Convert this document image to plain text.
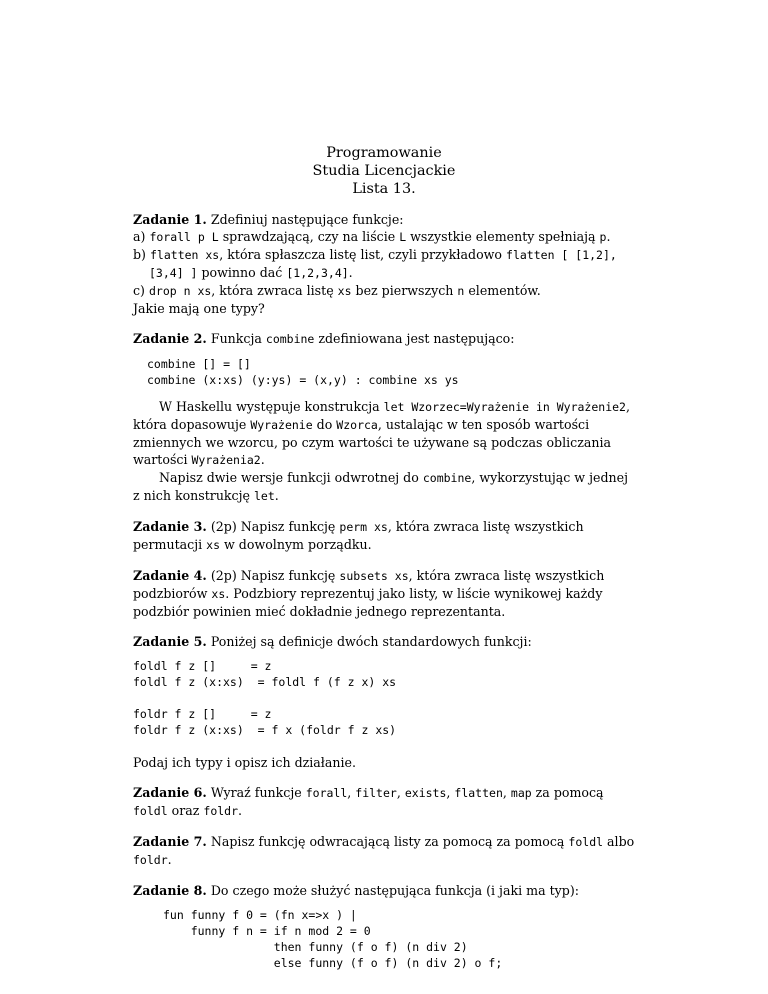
Programowanie
Studia Licencjackie
Lista 13.
Zadanie 1. Zdefiniuj następujące funkcje:
a) forall p L sprawdzającą, czy na liście L wszystkie elementy spełniają p.
b) flatten xs, która spłaszcza listę list, czyli przykładowo flatten [ [1,2], [3,4] ] powinno dać [1,2,3,4].
c) drop n xs, która zwraca listę xs bez pierwszych n elementów.
Jakie mają one typy?
Zadanie 2. Funkcja combine zdefiniowana jest następująco:
combine [] = []
combine (x:xs) (y:ys) = (x,y) : combine xs ys

W Haskellu występuje konstrukcja let Wzorzec=Wyrażenie in Wyrażenie2, która dopasowuje Wyrażenie do Wzorca, ustalając w ten sposób wartości zmiennych we wzorcu, po czym wartości te używane są podczas obliczania wartości Wyrażenia2.

Napisz dwie wersje funkcji odwrotnej do combine, wykorzystując w jednej z nich konstrukcję let.

Zadanie 3. (2p) Napisz funkcję perm xs, która zwraca listę wszystkich permutacji xs w dowolnym porządku.
Zadanie 4. (2p) Napisz funkcję subsets xs, która zwraca listę wszystkich podzbiorów xs. Podzbiory reprezentuj jako listy, w liście wynikowej każdy podzbiór powinien mieć dokładnie jednego reprezentanta.
Zadanie 5. Poniżej są definicje dwóch standardowych funkcji:
foldl f z []     = z
foldl f z (x:xs)  = foldl f (f z x) xs

foldr f z []     = z
foldr f z (x:xs)  = f x (foldr f z xs)
Podaj ich typy i opisz ich działanie.
Zadanie 6. Wyraź funkcje forall, filter, exists, flatten, map za pomocą foldl oraz foldr.
Zadanie 7. Napisz funkcję odwracającą listy za pomocą za pomocą foldl albo foldr.
Zadanie 8. Do czego może służyć następująca funkcja (i jaki ma typ):
fun funny f 0 = (fn x=>x ) |
funny f n = if n mod 2 = 0
then funny (f o f) (n div 2)
else funny (f o f) (n div 2) o f;
